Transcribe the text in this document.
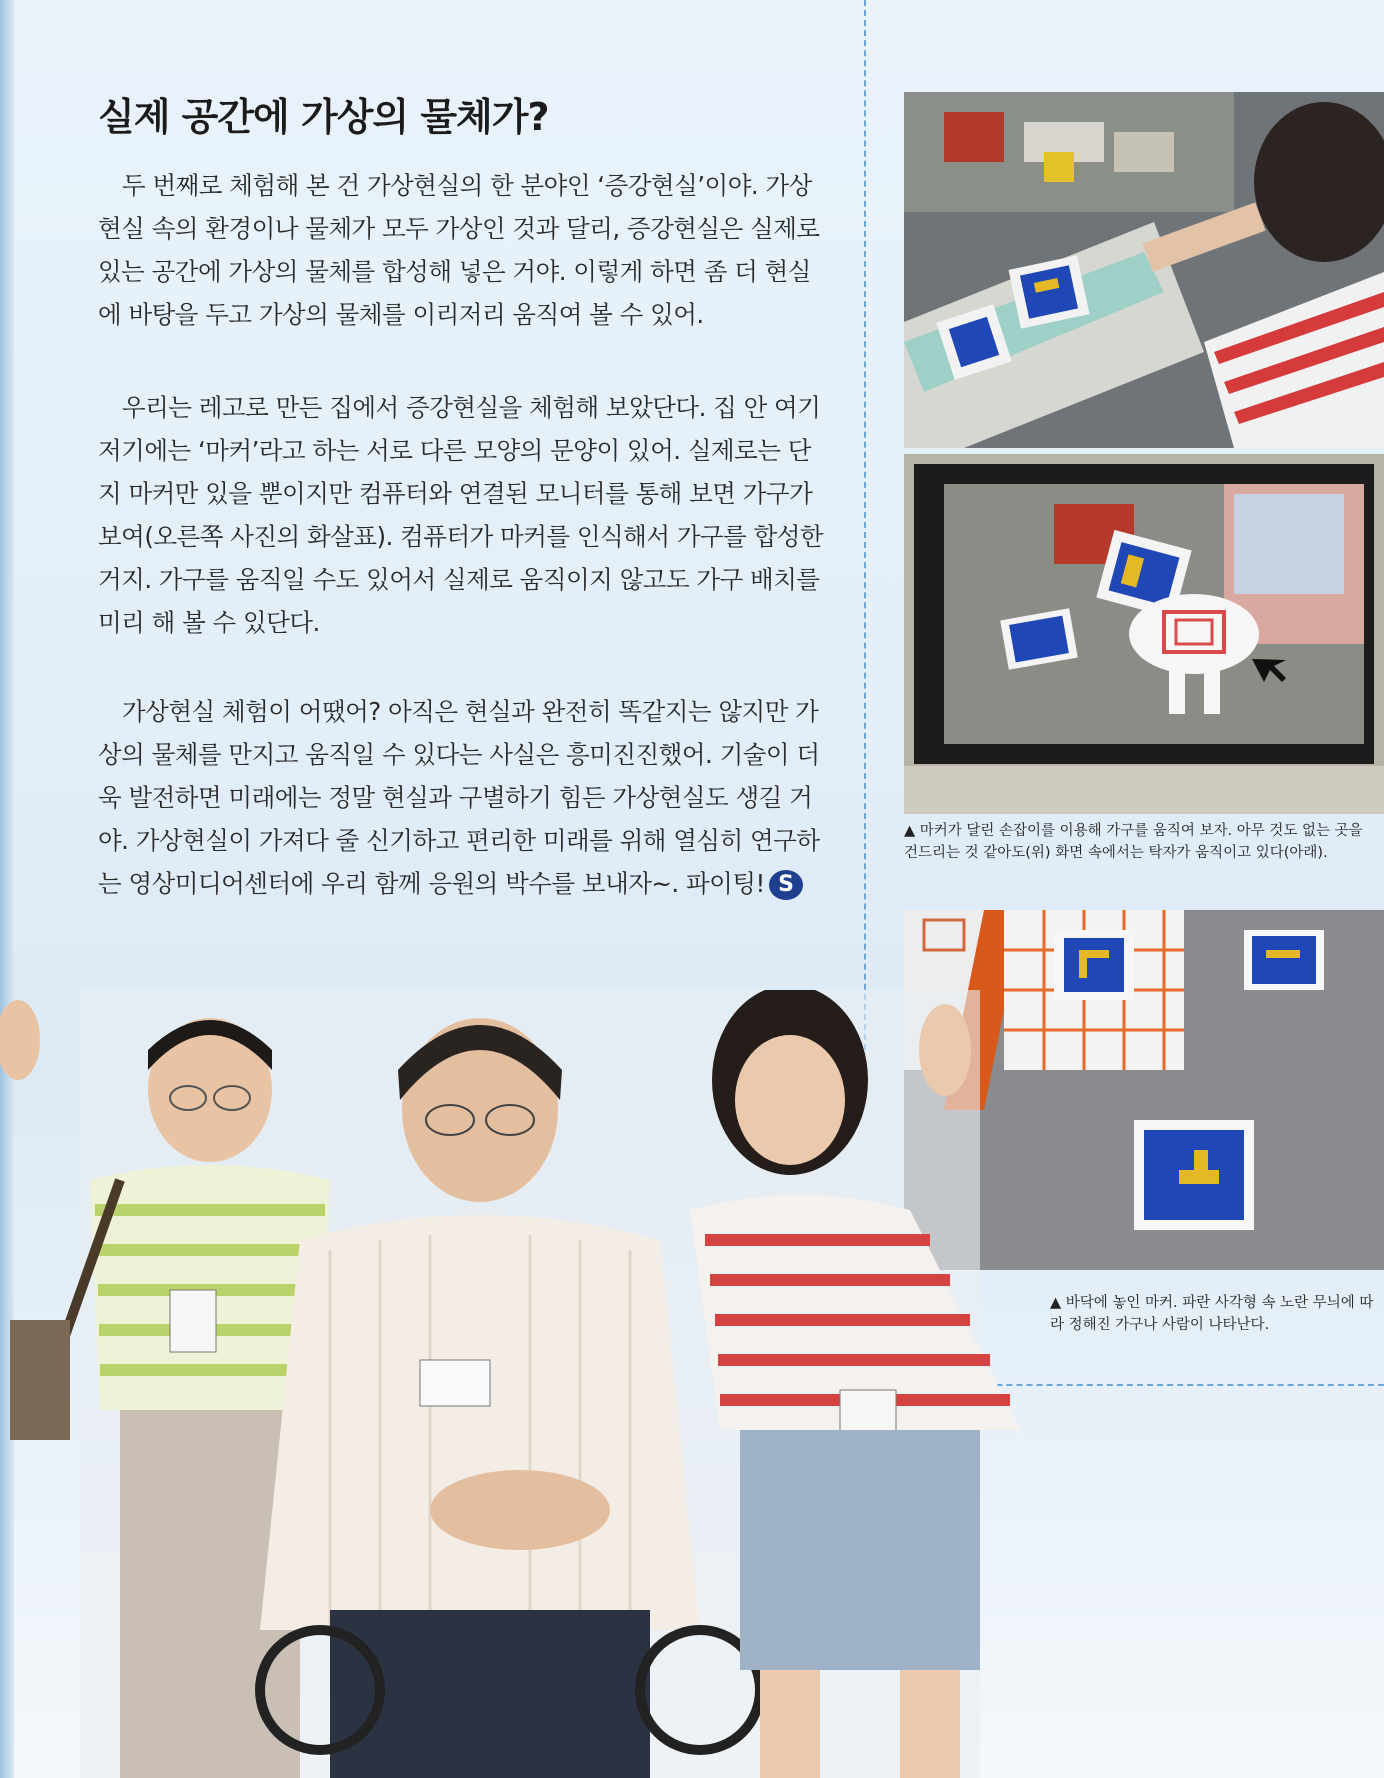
실제 공간에 가상의 물체가?

두 번째로 체험해 본 건 가상현실의 한 분야인 ‘증강현실’이야. 가상현실 속의 환경이나 물체가 모두 가상인 것과 달리, 증강현실은 실제로 있는 공간에 가상의 물체를 합성해 넣은 거야. 이렇게 하면 좀 더 현실에 바탕을 두고 가상의 물체를 이리저리 움직여 볼 수 있어.

우리는 레고로 만든 집에서 증강현실을 체험해 보았단다. 집 안 여기저기에는 ‘마커’라고 하는 서로 다른 모양의 문양이 있어. 실제로는 단지 마커만 있을 뿐이지만 컴퓨터와 연결된 모니터를 통해 보면 가구가 보여(오른쪽 사진의 화살표). 컴퓨터가 마커를 인식해서 가구를 합성한 거지. 가구를 움직일 수도 있어서 실제로 움직이지 않고도 가구 배치를 미리 해 볼 수 있단다.

가상현실 체험이 어땠어? 아직은 현실과 완전히 똑같지는 않지만 가상의 물체를 만지고 움직일 수 있다는 사실은 흥미진진했어. 기술이 더욱 발전하면 미래에는 정말 현실과 구별하기 힘든 가상현실도 생길 거야. 가상현실이 가져다 줄 신기하고 편리한 미래를 위해 열심히 연구하는 영상미디어센터에 우리 함께 응원의 박수를 보내자~. 파이팅! S

▲ 마커가 달린 손잡이를 이용해 가구를 움직여 보자. 아무 것도 없는 곳을 건드리는 것 같아도(위) 화면 속에서는 탁자가 움직이고 있다(아래).
▲ 바닥에 놓인 마커. 파란 사각형 속 노란 무늬에 따라 정해진 가구나 사람이 나타난다.
